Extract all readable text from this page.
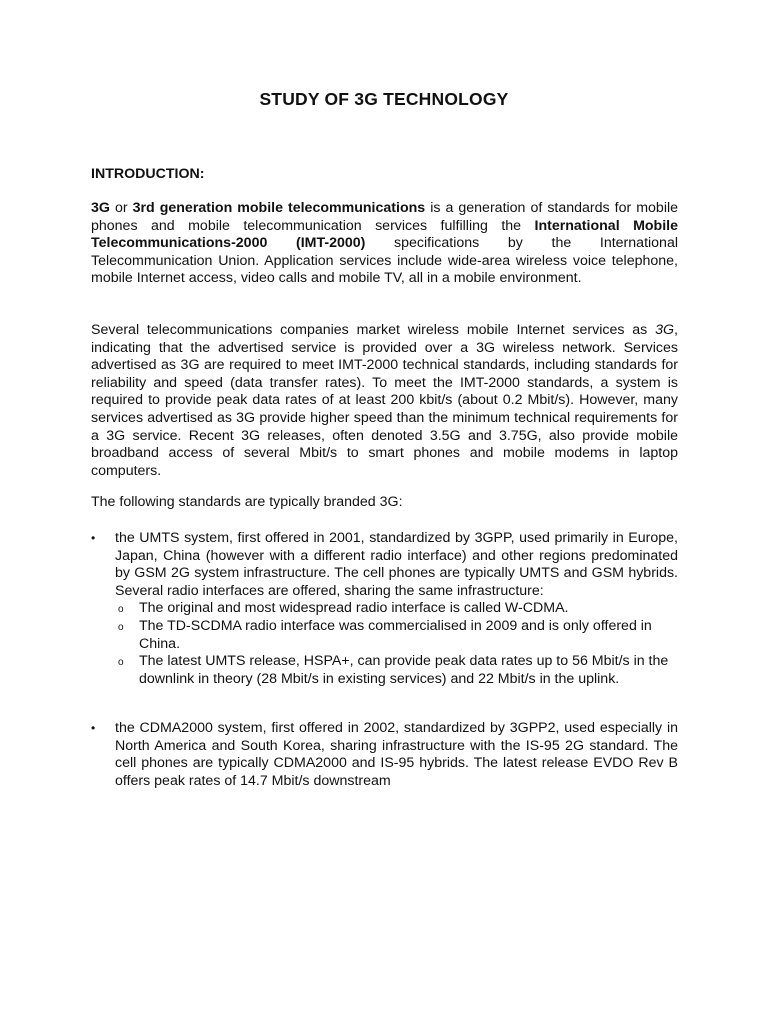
STUDY OF 3G TECHNOLOGY
INTRODUCTION:

3G or 3rd generation mobile telecommunications is a generation of standards for mobile phones and mobile telecommunication services fulfilling the International Mobile Telecommunications-2000 (IMT-2000) specifications by the International Telecommunication Union. Application services include wide-area wireless voice telephone, mobile Internet access, video calls and mobile TV, all in a mobile environment.

Several telecommunications companies market wireless mobile Internet services as 3G, indicating that the advertised service is provided over a 3G wireless network. Services advertised as 3G are required to meet IMT-2000 technical standards, including standards for reliability and speed (data transfer rates). To meet the IMT-2000 standards, a system is required to provide peak data rates of at least 200 kbit/s (about 0.2 Mbit/s). However, many services advertised as 3G provide higher speed than the minimum technical requirements for a 3G service. Recent 3G releases, often denoted 3.5G and 3.75G, also provide mobile broadband access of several Mbit/s to smart phones and mobile modems in laptop computers.

The following standards are typically branded 3G:

•	the UMTS system, first offered in 2001, standardized by 3GPP, used primarily in Europe, Japan, China (however with a different radio interface) and other regions predominated by GSM 2G system infrastructure. The cell phones are typically UMTS and GSM hybrids. Several radio interfaces are offered, sharing the same infrastructure:
o The original and most widespread radio interface is called W-CDMA.
o The TD-SCDMA radio interface was commercialised in 2009 and is only offered in China.
o The latest UMTS release, HSPA+, can provide peak data rates up to 56 Mbit/s in the downlink in theory (28 Mbit/s in existing services) and 22 Mbit/s in the uplink.
•	the CDMA2000 system, first offered in 2002, standardized by 3GPP2, used especially in North America and South Korea, sharing infrastructure with the IS-95 2G standard. The cell phones are typically CDMA2000 and IS-95 hybrids. The latest release EVDO Rev B offers peak rates of 14.7 Mbit/s downstream
